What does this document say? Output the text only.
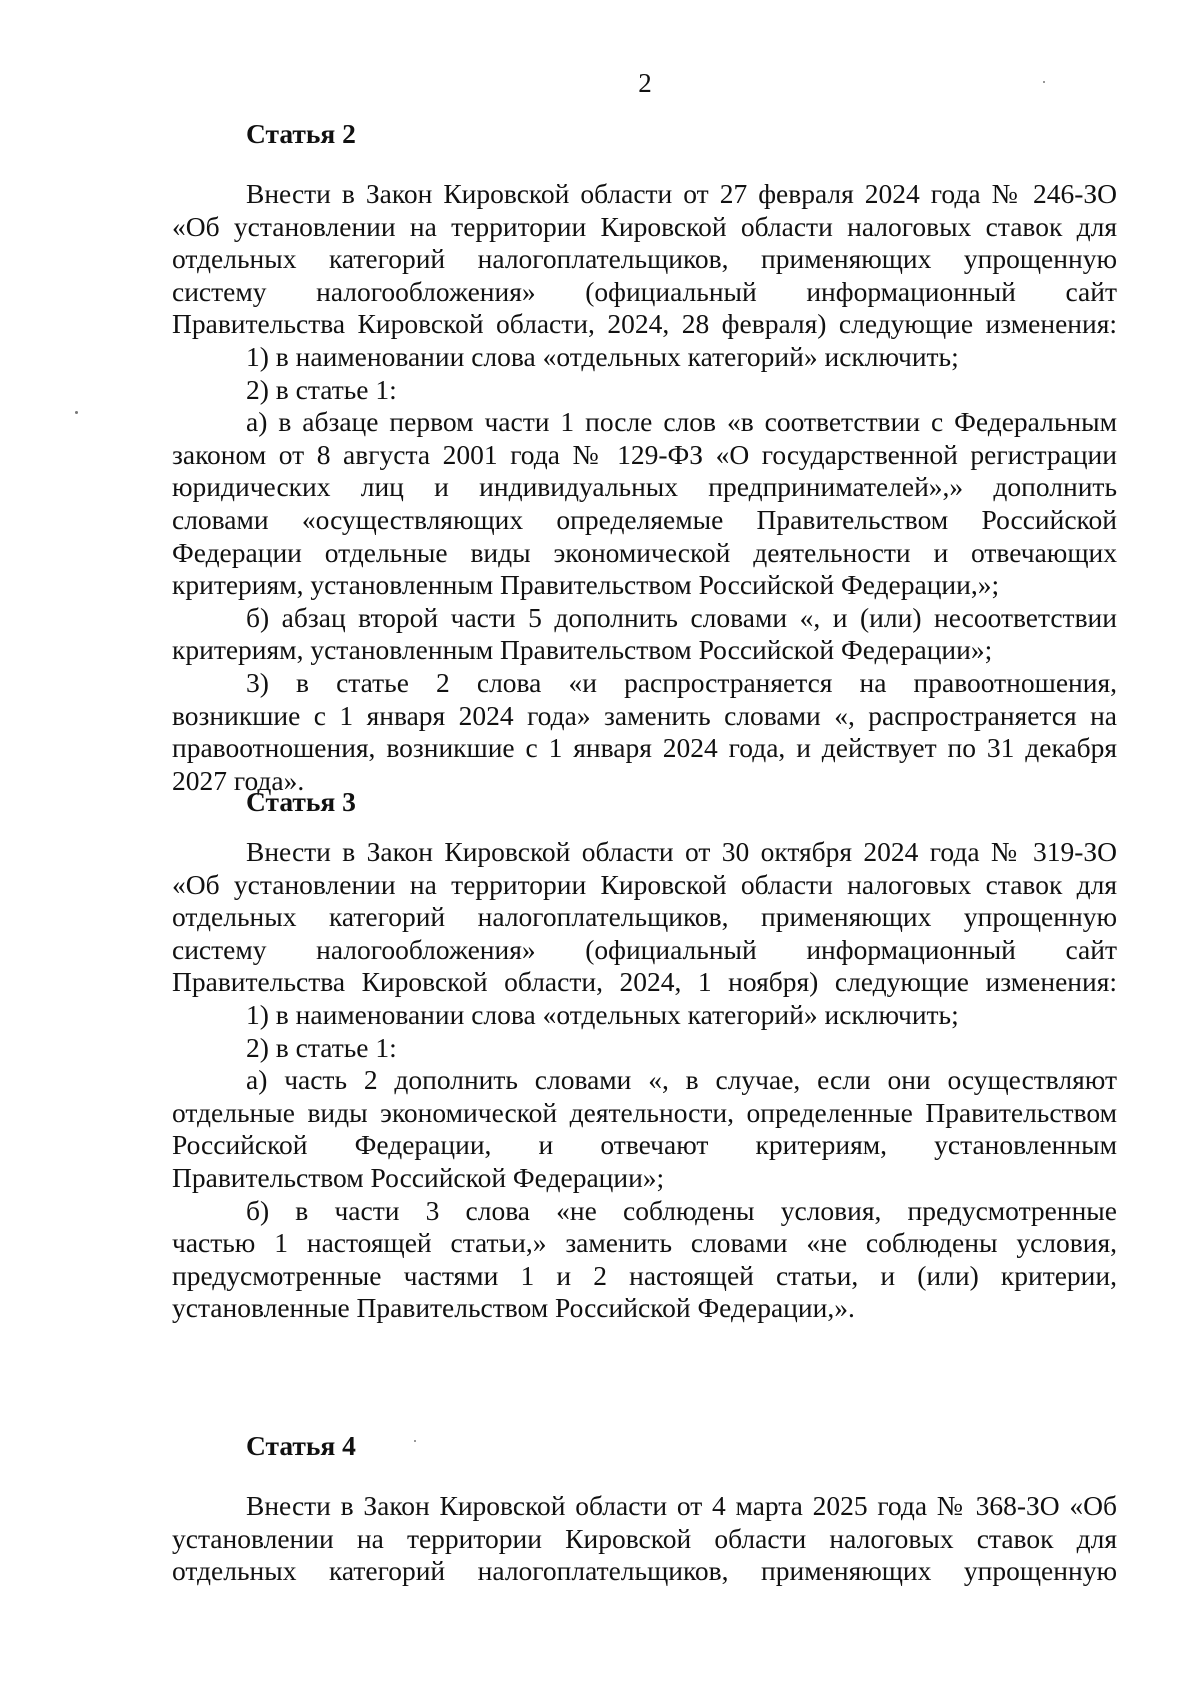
2
Статья 2
Внести в Закон Кировской области от 27 февраля 2024 года № 246-ЗО
«Об установлении на территории Кировской области налоговых ставок для
отдельных категорий налогоплательщиков, применяющих упрощенную
систему налогообложения» (официальный информационный сайт
Правительства Кировской области, 2024, 28 февраля) следующие изменения:
1) в наименовании слова «отдельных категорий» исключить;
2) в статье 1:
а) в абзаце первом части 1 после слов «в соответствии с Федеральным
законом от 8 августа 2001 года № 129-ФЗ «О государственной регистрации
юридических лиц и индивидуальных предпринимателей»,» дополнить
словами «осуществляющих определяемые Правительством Российской
Федерации отдельные виды экономической деятельности и отвечающих
критериям, установленным Правительством Российской Федерации,»;
б) абзац второй части 5 дополнить словами «, и (или) несоответствии
критериям, установленным Правительством Российской Федерации»;
3) в статье 2 слова «и распространяется на правоотношения,
возникшие с 1 января 2024 года» заменить словами «, распространяется на
правоотношения, возникшие с 1 января 2024 года, и действует по 31 декабря
2027 года».
Статья 3
Внести в Закон Кировской области от 30 октября 2024 года № 319-ЗО
«Об установлении на территории Кировской области налоговых ставок для
отдельных категорий налогоплательщиков, применяющих упрощенную
систему налогообложения» (официальный информационный сайт
Правительства Кировской области, 2024, 1 ноября) следующие изменения:
1) в наименовании слова «отдельных категорий» исключить;
2) в статье 1:
а) часть 2 дополнить словами «, в случае, если они осуществляют
отдельные виды экономической деятельности, определенные Правительством
Российской Федерации, и отвечают критериям, установленным
Правительством Российской Федерации»;
б) в части 3 слова «не соблюдены условия, предусмотренные
частью 1 настоящей статьи,» заменить словами «не соблюдены условия,
предусмотренные частями 1 и 2 настоящей статьи, и (или) критерии,
установленные Правительством Российской Федерации,».
Статья 4
Внести в Закон Кировской области от 4 марта 2025 года № 368-ЗО «Об
установлении на территории Кировской области налоговых ставок для
отдельных категорий налогоплательщиков, применяющих упрощенную
